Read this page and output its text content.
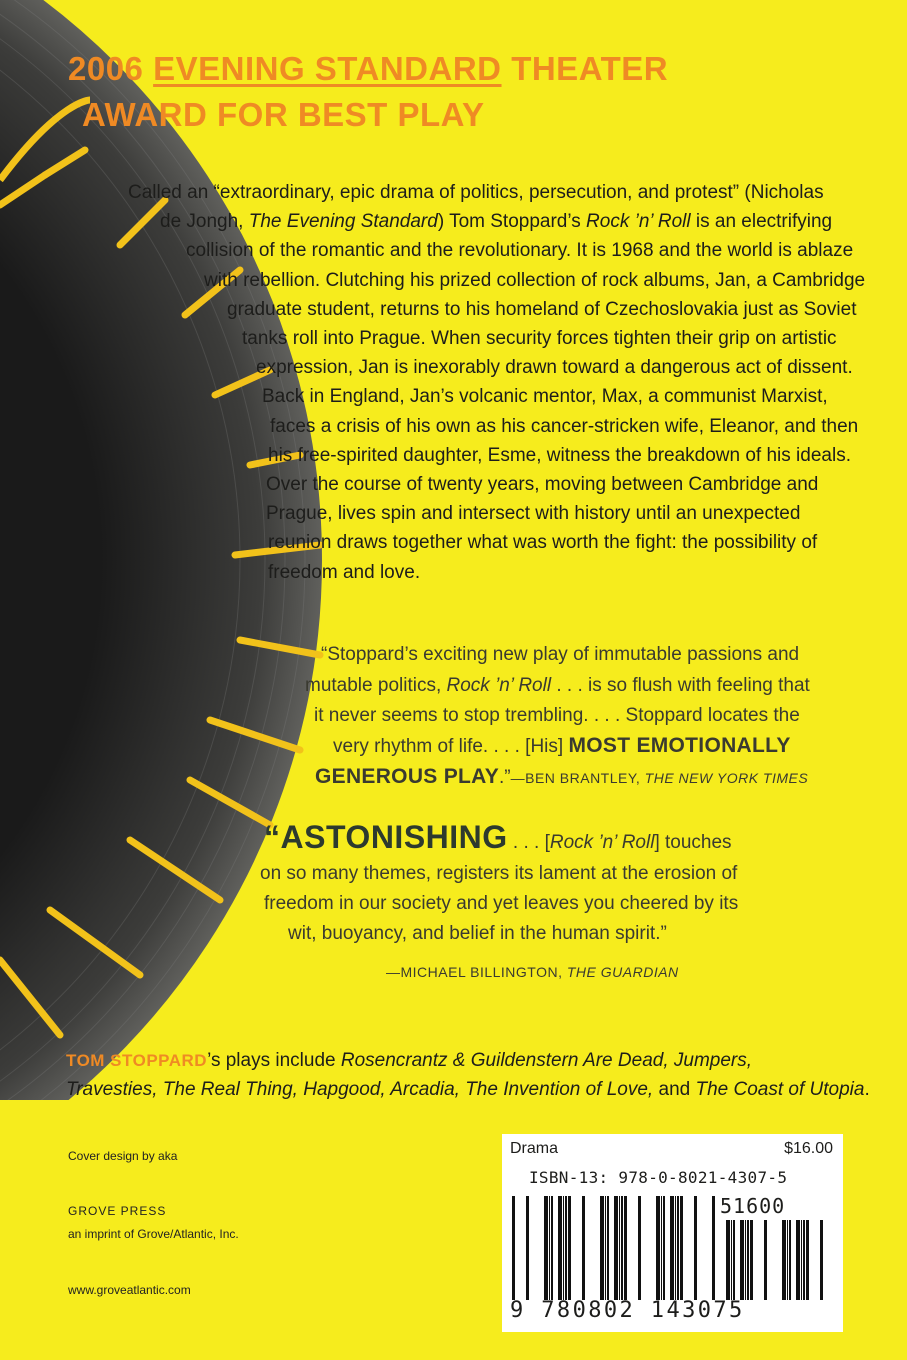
2006 EVENING STANDARD THEATER
AWARD FOR BEST PLAY
Called an “extraordinary, epic drama of politics, persecution, and protest” (Nicholas
de Jongh, The Evening Standard) Tom Stoppard’s Rock ’n’ Roll is an electrifying
collision of the romantic and the revolutionary. It is 1968 and the world is ablaze
with rebellion. Clutching his prized collection of rock albums, Jan, a Cambridge
graduate student, returns to his homeland of Czechoslovakia just as Soviet
tanks roll into Prague. When security forces tighten their grip on artistic
expression, Jan is inexorably drawn toward a dangerous act of dissent.
Back in England, Jan’s volcanic mentor, Max, a communist Marxist,
faces a crisis of his own as his cancer-stricken wife, Eleanor, and then
his free-spirited daughter, Esme, witness the breakdown of his ideals.
Over the course of twenty years, moving between Cambridge and
Prague, lives spin and intersect with history until an unexpected
reunion draws together what was worth the fight: the possibility of
freedom and love.
“Stoppard’s exciting new play of immutable passions and
mutable politics, Rock ’n’ Roll . . . is so flush with feeling that
it never seems to stop trembling. . . . Stoppard locates the
very rhythm of life. . . . [His] MOST EMOTIONALLY
GENEROUS PLAY.”—BEN BRANTLEY, THE NEW YORK TIMES
“ASTONISHING . . . [Rock ’n’ Roll] touches
on so many themes, registers its lament at the erosion of
freedom in our society and yet leaves you cheered by its
wit, buoyancy, and belief in the human spirit.”
—MICHAEL BILLINGTON, THE GUARDIAN
TOM STOPPARD’s plays include Rosencrantz & Guildenstern Are Dead, Jumpers,
Travesties, The Real Thing, Hapgood, Arcadia, The Invention of Love, and The Coast of Utopia.
Cover design by aka
GROVE PRESS
an imprint of Grove/Atlantic, Inc.
www.groveatlantic.com
Drama	$16.00
ISBN-13: 978-0-8021-4307-5
51600
9 780802 143075
